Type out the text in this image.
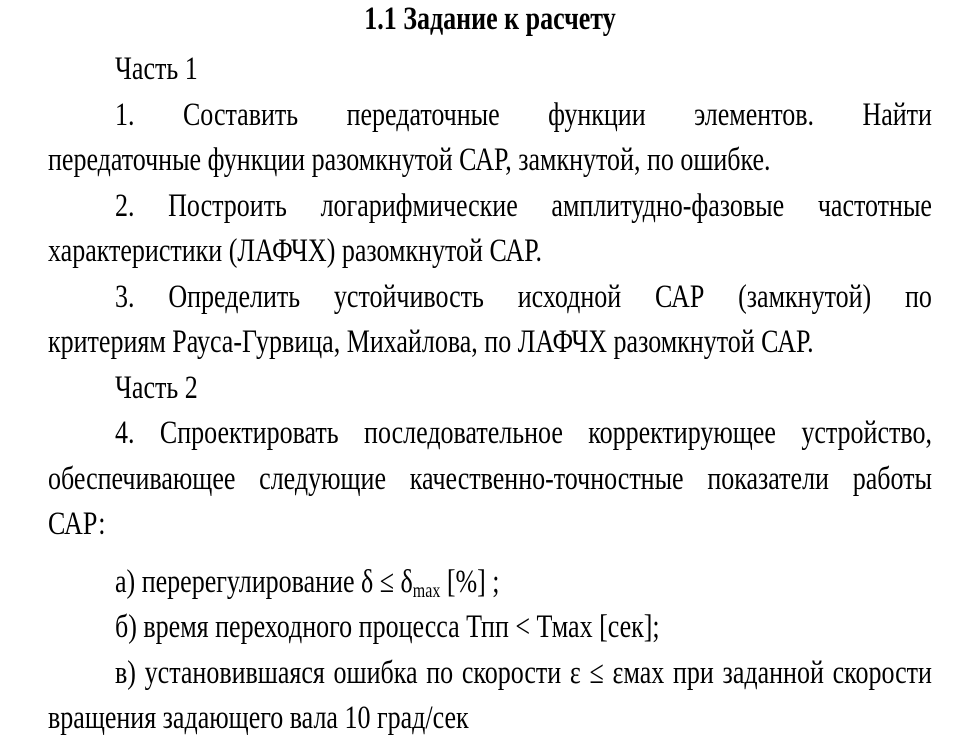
1.1 Задание к расчету
Часть 1
1. Составить передаточные функции элементов. Найти
передаточные функции разомкнутой САР, замкнутой, по ошибке.
2. Построить логарифмические амплитудно-фазовые частотные
характеристики (ЛАФЧХ) разомкнутой САР.
3. Определить устойчивость исходной САР (замкнутой) по
критериям Рауса-Гурвица, Михайлова, по ЛАФЧХ разомкнутой САР.
Часть 2
4. Спроектировать последовательное корректирующее устройство,
обеспечивающее следующие качественно-точностные показатели работы
САР:
а) перерегулирование $\delta \le \delta_{max}$ [%] ;
б) время переходного процесса Тпп < Тмах [сек];
в) установившаяся ошибка по скорости ε ≤ εмах при заданной скорости
вращения задающего вала 10 град/сек
